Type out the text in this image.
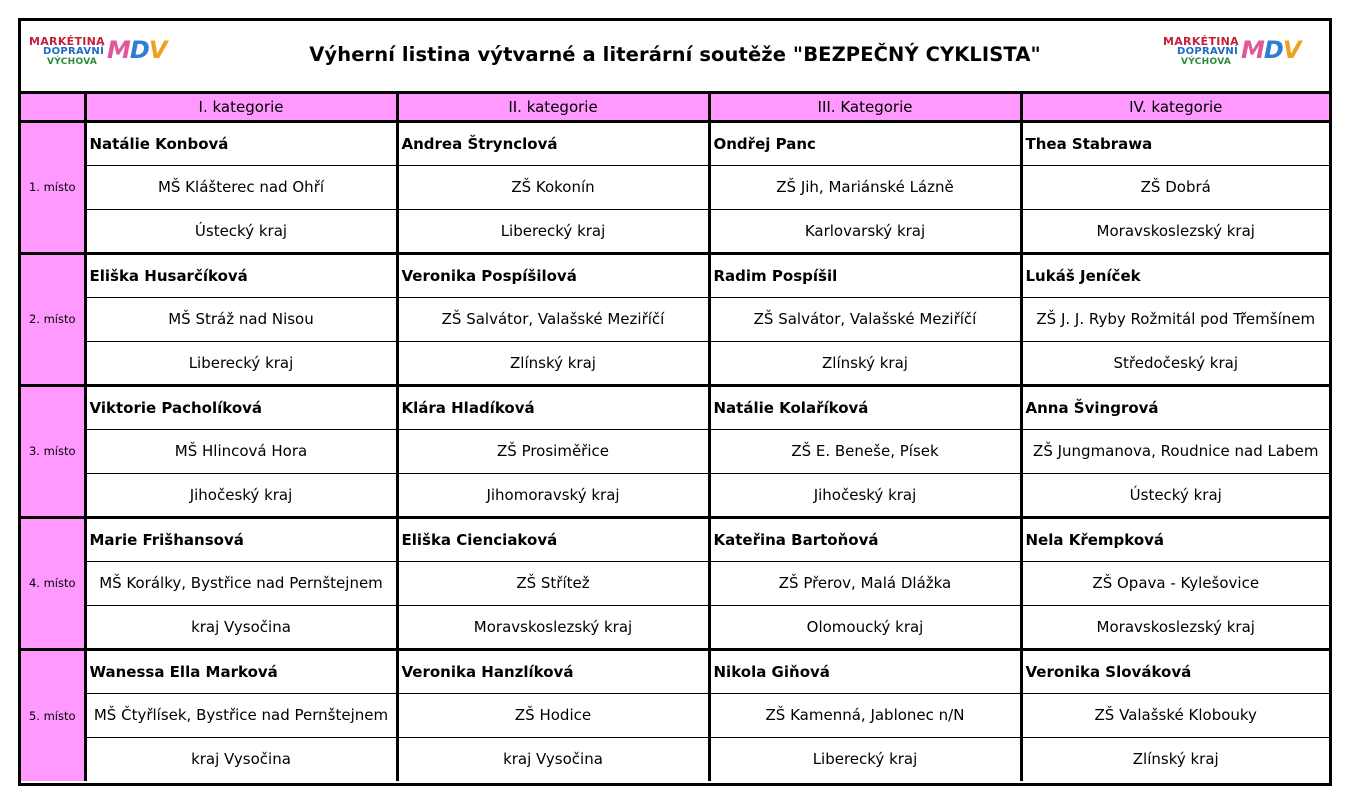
MARKÉTINA
DOPRAVNÍ
VÝCHOVA MDV	Výherní listina výtvarné a literární soutěže "BEZPEČNÝ CYKLISTA"
MARKÉTINA
DOPRAVNÍ
VÝCHOVA MDV
	I. kategorie	II. kategorie	III. Kategorie	IV. kategorie
1. místo	Natálie Konbová	Andrea Štrynclová	Ondřej Panc	Thea Stabrawa
	MŠ Klášterec nad Ohří	ZŠ Kokonín	ZŠ Jih, Mariánské Lázně	ZŠ Dobrá
	Ústecký kraj	Liberecký kraj	Karlovarský kraj	Moravskoslezský kraj
2. místo	Eliška Husarčíková	Veronika Pospíšilová	Radim Pospíšil	Lukáš Jeníček
	MŠ Stráž nad Nisou	ZŠ Salvátor, Valašské Meziříčí	ZŠ Salvátor, Valašské Meziříčí	ZŠ J. J. Ryby Rožmitál pod Třemšínem
	Liberecký kraj	Zlínský kraj	Zlínský kraj	Středočeský kraj
3. místo	Viktorie Pacholíková	Klára Hladíková	Natálie Kolaříková	Anna Švingrová
	MŠ Hlincová Hora	ZŠ Prosiměřice	ZŠ E. Beneše, Písek	ZŠ Jungmanova, Roudnice nad Labem
	Jihočeský kraj	Jihomoravský kraj	Jihočeský kraj	Ústecký kraj
4. místo	Marie Frišhansová	Eliška Cienciaková	Kateřina Bartoňová	Nela Křempková
	MŠ Korálky, Bystřice nad Pernštejnem	ZŠ Střítež	ZŠ Přerov, Malá Dlážka	ZŠ Opava - Kylešovice
	kraj Vysočina	Moravskoslezský kraj	Olomoucký kraj	Moravskoslezský kraj
5. místo	Wanessa Ella Marková	Veronika Hanzlíková	Nikola Giňová	Veronika Slováková
	MŠ Čtyřlísek, Bystřice nad Pernštejnem	ZŠ Hodice	ZŠ Kamenná, Jablonec n/N	ZŠ Valašské Klobouky
	kraj Vysočina	kraj Vysočina	Liberecký kraj	Zlínský kraj
